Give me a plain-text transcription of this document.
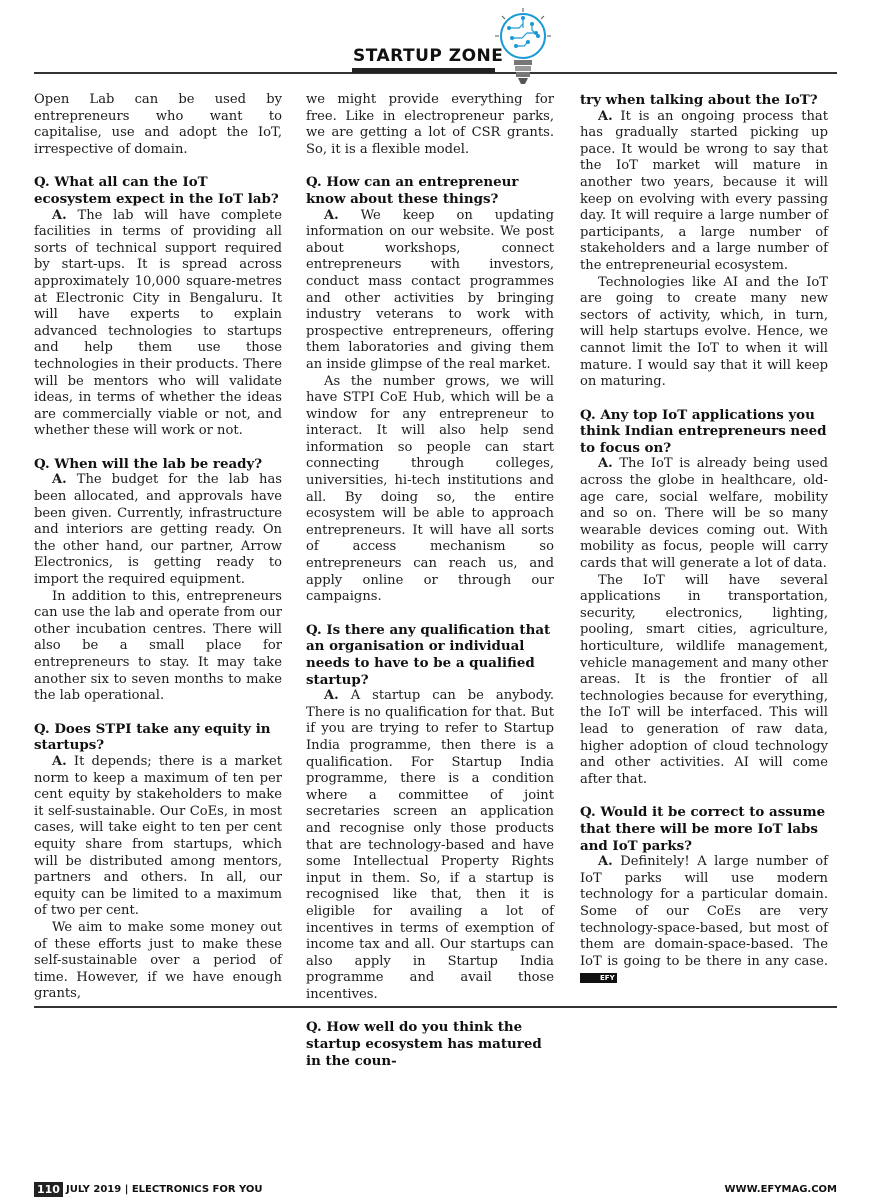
STARTUP ZONE

Open Lab can be used by entrepreneurs who want to capitalise, use and adopt the IoT, irrespective of domain.

Q. What all can the IoT ecosystem expect in the IoT lab?

A. The lab will have complete facilities in terms of providing all sorts of technical support required by start-ups. It is spread across approximately 10,000 square-metres at Electronic City in Bengaluru. It will have experts to explain advanced technologies to startups and help them use those technologies in their products. There will be mentors who will validate ideas, in terms of whether the ideas are commercially viable or not, and whether these will work or not.

Q. When will the lab be ready?

A. The budget for the lab has been allocated, and approvals have been given. Currently, infrastructure and interiors are getting ready. On the other hand, our partner, Arrow Electronics, is getting ready to import the required equipment.

In addition to this, entrepreneurs can use the lab and operate from our other incubation centres. There will also be a small place for entrepreneurs to stay. It may take another six to seven months to make the lab operational.

Q. Does STPI take any equity in startups?

A. It depends; there is a market norm to keep a maximum of ten per cent equity by stakeholders to make it self-sustainable. Our CoEs, in most cases, will take eight to ten per cent equity share from startups, which will be distributed among mentors, partners and others. In all, our equity can be limited to a maximum of two per cent.

We aim to make some money out of these efforts just to make these self-sustainable over a period of time. However, if we have enough grants,

we might provide everything for free. Like in electropreneur parks, we are getting a lot of CSR grants. So, it is a flexible model.

Q. How can an entrepreneur know about these things?

A. We keep on updating information on our website. We post about workshops, connect entrepreneurs with investors, conduct mass contact programmes and other activities by bringing industry veterans to work with prospective entrepreneurs, offering them laboratories and giving them an inside glimpse of the real market.

As the number grows, we will have STPI CoE Hub, which will be a window for any entrepreneur to interact. It will also help send information so people can start connecting through colleges, universities, hi-tech institutions and all. By doing so, the entire ecosystem will be able to approach entrepreneurs. It will have all sorts of access mechanism so entrepreneurs can reach us, and apply online or through our campaigns.

Q. Is there any qualification that an organisation or individual needs to have to be a qualified startup?

A. A startup can be anybody. There is no qualification for that. But if you are trying to refer to Startup India programme, then there is a qualification. For Startup India programme, there is a condition where a committee of joint secretaries screen an application and recognise only those products that are technology-based and have some Intellectual Property Rights input in them. So, if a startup is recognised like that, then it is eligible for availing a lot of incentives in terms of exemption of income tax and all. Our startups can also apply in Startup India programme and avail those incentives.

Q. How well do you think the startup ecosystem has matured in the coun-
try when talking about the IoT?

A. It is an ongoing process that has gradually started picking up pace. It would be wrong to say that the IoT market will mature in another two years, because it will keep on evolving with every passing day. It will require a large number of participants, a large number of stakeholders and a large number of the entrepreneurial ecosystem.

Technologies like AI and the IoT are going to create many new sectors of activity, which, in turn, will help startups evolve. Hence, we cannot limit the IoT to when it will mature. I would say that it will keep on maturing.

Q. Any top IoT applications you think Indian entrepreneurs need to focus on?

A. The IoT is already being used across the globe in healthcare, old-age care, social welfare, mobility and so on. There will be so many wearable devices coming out. With mobility as focus, people will carry cards that will generate a lot of data.

The IoT will have several applications in transportation, security, electronics, lighting, pooling, smart cities, agriculture, horticulture, wildlife management, vehicle management and many other areas. It is the frontier of all technologies because for everything, the IoT will be interfaced. This will lead to generation of raw data, higher adoption of cloud technology and other activities. AI will come after that.

Q. Would it be correct to assume that there will be more IoT labs and IoT parks?

A. Definitely! A large number of IoT parks will use modern technology for a particular domain. Some of our CoEs are very technology-space-based, but most of them are domain-space-based. The IoT is going to be there in any case. EFY

110 JULY 2019 | ELECTRONICS FOR YOU	WWW.EFYMAG.COM
